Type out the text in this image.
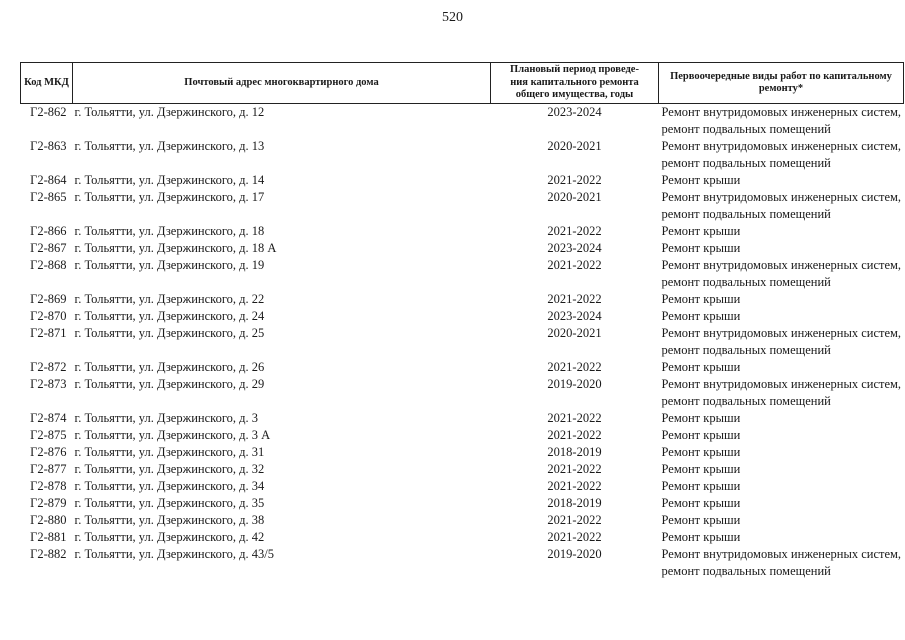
520
Код МКД	Почтовый адрес многоквартирного дома	Плановый период проведе-
ния капитального ремонта
общего имущества, годы	Первоочередные виды работ по капитальному
ремонту*
Г2-862	г. Тольятти, ул. Дзержинского, д. 12	2023-2024	Ремонт внутридомовых инженерных систем,
ремонт подвальных помещений

Г2-863	г. Тольятти, ул. Дзержинского, д. 13	2020-2021	Ремонт внутридомовых инженерных систем,
ремонт подвальных помещений

Г2-864	г. Тольятти, ул. Дзержинского, д. 14	2021-2022	Ремонт крыши

Г2-865	г. Тольятти, ул. Дзержинского, д. 17	2020-2021	Ремонт внутридомовых инженерных систем,
ремонт подвальных помещений

Г2-866	г. Тольятти, ул. Дзержинского, д. 18	2021-2022	Ремонт крыши

Г2-867	г. Тольятти, ул. Дзержинского, д. 18 А	2023-2024	Ремонт крыши

Г2-868	г. Тольятти, ул. Дзержинского, д. 19	2021-2022	Ремонт внутридомовых инженерных систем,
ремонт подвальных помещений

Г2-869	г. Тольятти, ул. Дзержинского, д. 22	2021-2022	Ремонт крыши

Г2-870	г. Тольятти, ул. Дзержинского, д. 24	2023-2024	Ремонт крыши

Г2-871	г. Тольятти, ул. Дзержинского, д. 25	2020-2021	Ремонт внутридомовых инженерных систем,
ремонт подвальных помещений

Г2-872	г. Тольятти, ул. Дзержинского, д. 26	2021-2022	Ремонт крыши

Г2-873	г. Тольятти, ул. Дзержинского, д. 29	2019-2020	Ремонт внутридомовых инженерных систем,
ремонт подвальных помещений

Г2-874	г. Тольятти, ул. Дзержинского, д. 3	2021-2022	Ремонт крыши

Г2-875	г. Тольятти, ул. Дзержинского, д. 3 А	2021-2022	Ремонт крыши

Г2-876	г. Тольятти, ул. Дзержинского, д. 31	2018-2019	Ремонт крыши

Г2-877	г. Тольятти, ул. Дзержинского, д. 32	2021-2022	Ремонт крыши

Г2-878	г. Тольятти, ул. Дзержинского, д. 34	2021-2022	Ремонт крыши

Г2-879	г. Тольятти, ул. Дзержинского, д. 35	2018-2019	Ремонт крыши

Г2-880	г. Тольятти, ул. Дзержинского, д. 38	2021-2022	Ремонт крыши

Г2-881	г. Тольятти, ул. Дзержинского, д. 42	2021-2022	Ремонт крыши

Г2-882	г. Тольятти, ул. Дзержинского, д. 43/5	2019-2020	Ремонт внутридомовых инженерных систем,
ремонт подвальных помещений
